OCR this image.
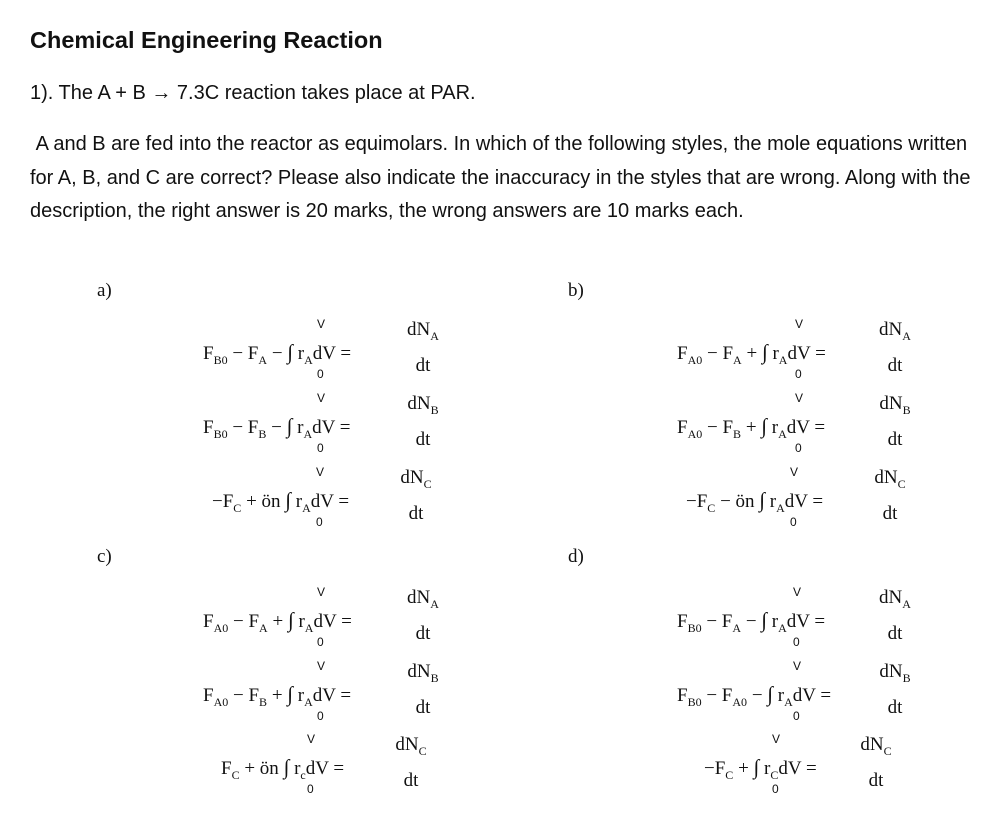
Chemical Engineering Reaction
1). The A + B → 7.3C reaction takes place at PAR.
A and B are fed into the reactor as equimolars. In which of the following styles, the mole equations written for A, B, and C are correct? Please also indicate the inaccuracy in the styles that are wrong. Along with the description, the right answer is 20 marks, the wrong answers are 10 marks each.
a)	b)
c)	d)
$F_{B0} - F_A$ − ∫ $r_AdV$ =
V
0
$dN_A$
dt
$F_{B0} - F_B$ − ∫ $r_AdV$ =
V
0
$dN_B$
dt
$-F_C$ + ön ∫ $r_AdV$ =
V
0
$dN_C$
dt
$F_{A0} - F_A$ + ∫ $r_AdV$ =
V
0
$dN_A$
dt
$F_{A0} - F_B$ + ∫ $r_AdV$ =
V
0
$dN_B$
dt
$-F_C$ − ön ∫ $r_AdV$ =
V
0
$dN_C$
dt
$F_{A0} - F_A$ + ∫ $r_AdV$ =
V
0
$dN_A$
dt
$F_{A0} - F_B$ + ∫ $r_AdV$ =
V
0
$dN_B$
dt
$F_C$ + ön ∫ $r_cdV$ =
V
0
$dN_C$
dt
$F_{B0} - F_A$ − ∫ $r_AdV$ =
V
0
$dN_A$
dt
$F_{B0} - F_{A0}$ − ∫ $r_AdV$ =
V
0
$dN_B$
dt
$-F_C$ + ∫ $r_CdV$ =
V
0
$dN_C$
dt
